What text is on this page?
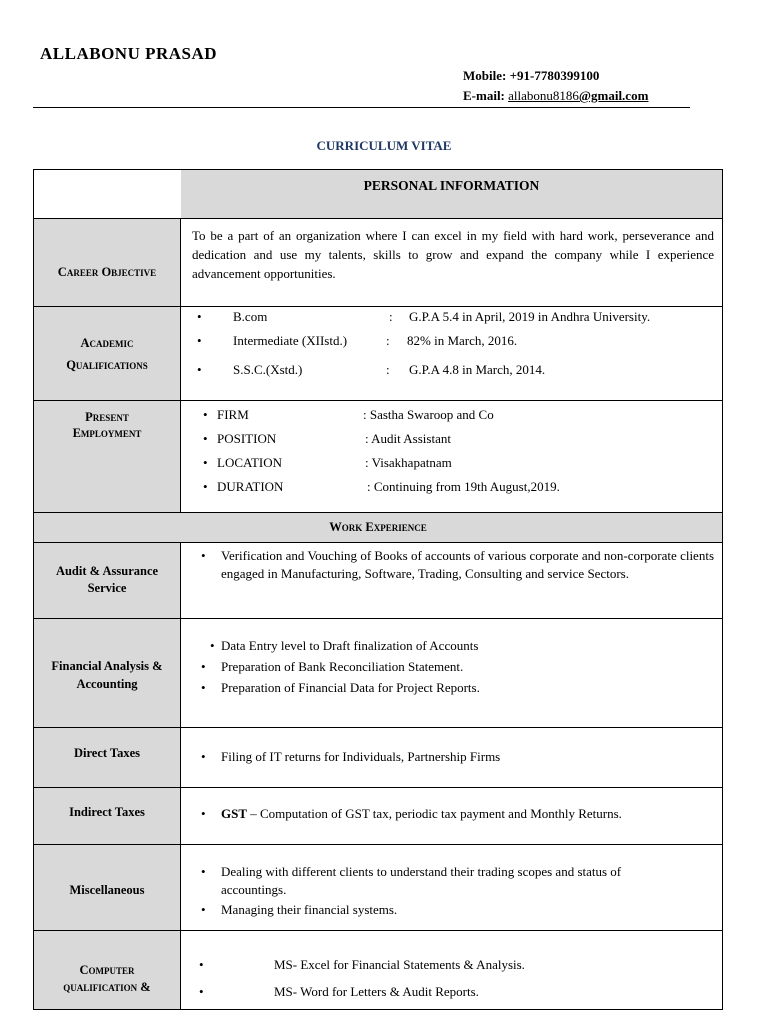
ALLABONU PRASAD
Mobile: +91-7780399100
E-mail: allabonu8186@gmail.com
CURRICULUM VITAE
PERSONAL INFORMATION
Career Objective
To be a part of an organization where I can excel in my field with hard work, perseverance and dedication and use my talents, skills to grow and expand the company while I experience advancement opportunities.
Academic
Qualifications
• B.com	: G.P.A 5.4 in April, 2019 in Andhra University.
• Intermediate (XIIstd.)	: 82% in March, 2016.
• S.S.C.(Xstd.)	: G.P.A 4.8 in March, 2014.
Present
Employment
• FIRM	: Sastha Swaroop and Co
• POSITION	: Audit Assistant
• LOCATION	: Visakhapatnam
• DURATION	: Continuing from 19th August,2019.
Work Experience
Audit & Assurance Service
• Verification and Vouching of Books of accounts of various corporate and non-corporate clients engaged in Manufacturing, Software, Trading, Consulting and service Sectors.
Financial Analysis & Accounting
• Data Entry level to Draft finalization of Accounts
• Preparation of Bank Reconciliation Statement.
• Preparation of Financial Data for Project Reports.
Direct Taxes	• Filing of IT returns for Individuals, Partnership Firms
Indirect Taxes	• GST – Computation of GST tax, periodic tax payment and Monthly Returns.
Miscellaneous
• Dealing with different clients to understand their trading scopes and status of accountings.
• Managing their financial systems.
Computer
qualification &
•	MS- Excel for Financial Statements & Analysis.
•	MS- Word for Letters & Audit Reports.
